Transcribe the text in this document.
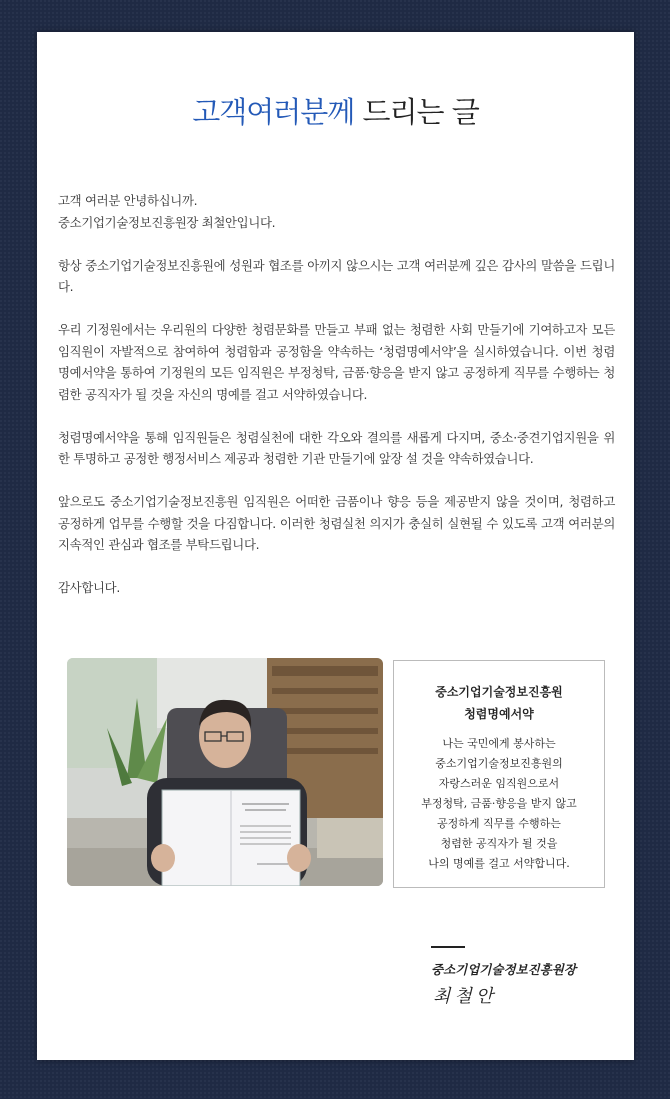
고객여러분께 드리는 글

고객 여러분 안녕하십니까.
중소기업기술정보진흥원장 최철안입니다.

항상 중소기업기술정보진흥원에 성원과 협조를 아끼지 않으시는 고객 여러분께 깊은 감사의 말씀을 드립니다.

우리 기정원에서는 우리원의 다양한 청렴문화를 만들고 부패 없는 청렴한 사회 만들기에 기여하고자 모든 임직원이 자발적으로 참여하여 청렴함과 공정함을 약속하는 ‘청렴명예서약’을 실시하였습니다. 이번 청렴명예서약을 통하여 기정원의 모든 임직원은 부정청탁, 금품·향응을 받지 않고 공정하게 직무를 수행하는 청렴한 공직자가 될 것을 자신의 명예를 걸고 서약하였습니다.

청렴명예서약을 통해 임직원들은 청렴실천에 대한 각오와 결의를 새롭게 다지며, 중소·중견기업지원을 위한 투명하고 공정한 행정서비스 제공과 청렴한 기관 만들기에 앞장 설 것을 약속하였습니다.

앞으로도 중소기업기술정보진흥원 임직원은 어떠한 금품이나 향응 등을 제공받지 않을 것이며, 청렴하고 공정하게 업무를 수행할 것을 다짐합니다. 이러한 청렴실천 의지가 충실히 실현될 수 있도록 고객 여러분의 지속적인 관심과 협조를 부탁드립니다.

감사합니다.

중소기업기술정보진흥원
청렴명예서약
나는 국민에게 봉사하는
중소기업기술정보진흥원의
자랑스러운 임직원으로서
부정청탁, 금품·향응을 받지 않고
공정하게 직무를 수행하는
청렴한 공직자가 될 것을
나의 명예를 걸고 서약합니다.
중소기업기술정보진흥원장
최철안
